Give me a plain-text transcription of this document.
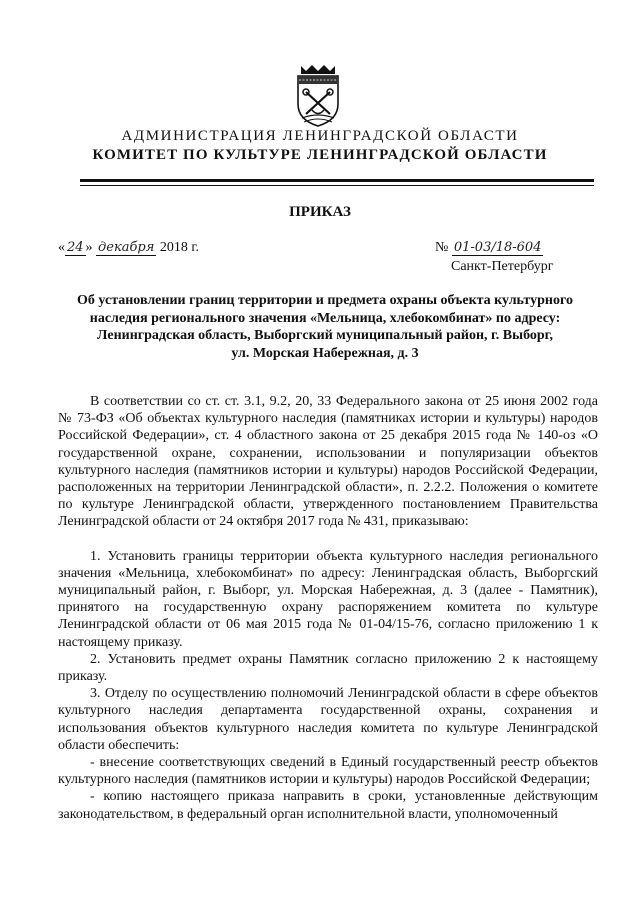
АДМИНИСТРАЦИЯ ЛЕНИНГРАДСКОЙ ОБЛАСТИ
КОМИТЕТ ПО КУЛЬТУРЕ ЛЕНИНГРАДСКОЙ ОБЛАСТИ
ПРИКАЗ
« 24 » декабря 2018 г.	№ 01-03/18-604
Санкт-Петербург
Об установлении границ территории и предмета охраны объекта культурного
наследия регионального значения «Мельница, хлебокомбинат» по адресу:
Ленинградская область, Выборгский муниципальный район, г. Выборг,
ул. Морская Набережная, д. 3

В соответствии со ст. ст. 3.1, 9.2, 20, 33 Федерального закона от 25 июня 2002 года № 73-ФЗ «Об объектах культурного наследия (памятниках истории и культуры) народов Российской Федерации», ст. 4 областного закона от 25 декабря 2015 года № 140-оз «О государственной охране, сохранении, использовании и популяризации объектов культурного наследия (памятников истории и культуры) народов Российской Федерации, расположенных на территории Ленинградской области», п. 2.2.2. Положения о комитете по культуре Ленинградской области, утвержденного постановлением Правительства Ленинградской области от 24 октября 2017 года № 431, приказываю:

1. Установить границы территории объекта культурного наследия регионального значения «Мельница, хлебокомбинат» по адресу: Ленинградская область, Выборгский муниципальный район, г. Выборг, ул. Морская Набережная, д. 3 (далее - Памятник), принятого на государственную охрану распоряжением комитета по культуре Ленинградской области от 06 мая 2015 года № 01-04/15-76, согласно приложению 1 к настоящему приказу.

2. Установить предмет охраны Памятник согласно приложению 2 к настоящему приказу.

3. Отделу по осуществлению полномочий Ленинградской области в сфере объектов культурного наследия департамента государственной охраны, сохранения и использования объектов культурного наследия комитета по культуре Ленинградской области обеспечить:

- внесение соответствующих сведений в Единый государственный реестр объектов культурного наследия (памятников истории и культуры) народов Российской Федерации;

- копию настоящего приказа направить в сроки, установленные действующим законодательством, в федеральный орган исполнительной власти, уполномоченный
